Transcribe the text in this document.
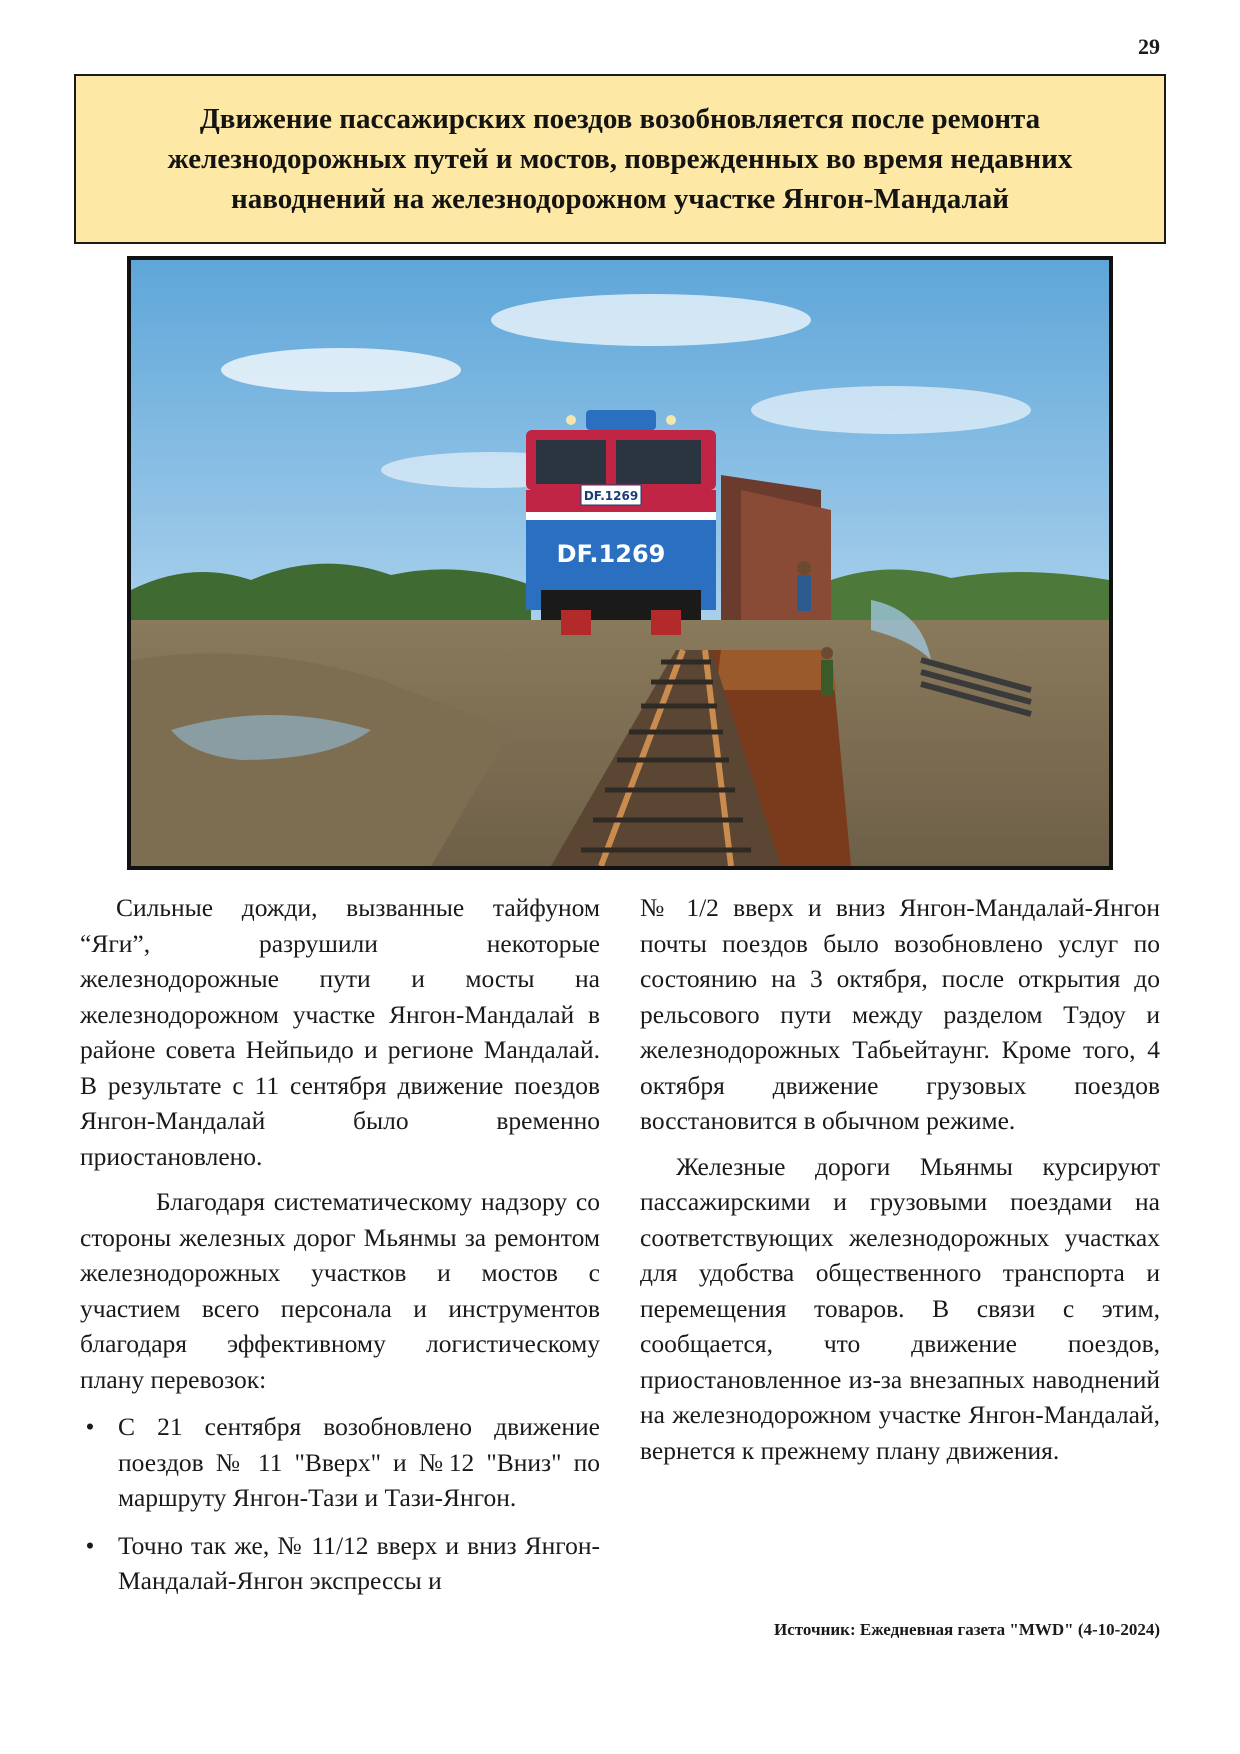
29
Движение пассажирских поездов возобновляется после ремонта железнодорожных путей и мостов, поврежденных во время недавних наводнений на железнодорожном участке Янгон-Мандалай
DF.1269
DF.1269

Сильные дожди, вызванные тайфуном “Яги”, разрушили некоторые железнодорожные пути и мосты на железнодорожном участке Янгон-Мандалай в районе совета Нейпьидо и регионе Мандалай. В результате с 11 сентября движение поездов Янгон-Мандалай было временно приостановлено.

Благодаря систематическому надзору со стороны железных дорог Мьянмы за ремонтом железнодорожных участков и мостов с участием всего персонала и инструментов благодаря эффективному логистическому плану перевозок:

• С 21 сентября возобновлено движение поездов № 11 "Вверх" и №12 "Вниз" по маршруту Янгон-Тази и Тази-Янгон.
• Точно так же, № 11/12 вверх и вниз Янгон-Мандалай-Янгон экспрессы и

№ 1/2 вверх и вниз Янгон-Мандалай-Янгон почты поездов было возобновлено услуг по состоянию на 3 октября, после открытия до рельсового пути между разделом Тэдоу и железнодорожных Табьейтаунг. Кроме того, 4 октября движение грузовых поездов восстановится в обычном режиме.

Железные дороги Мьянмы курсируют пассажирскими и грузовыми поездами на соответствующих железнодорожных участках для удобства общественного транспорта и перемещения товаров. В связи с этим, сообщается, что движение поездов, приостановленное из-за внезапных наводнений на железнодорожном участке Янгон-Мандалай, вернется к прежнему плану движения.

Источник: Ежедневная газета "MWD" (4-10-2024)
